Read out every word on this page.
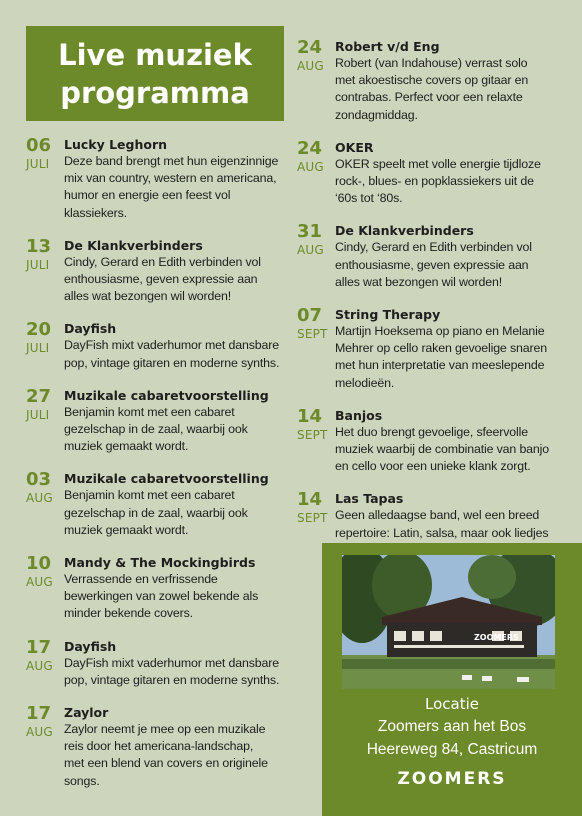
Live muziek
programma
06
JULI
Lucky Leghorn
Deze band brengt met hun eigenzinnige
mix van country, western en americana,
humor en energie een feest vol
klassiekers.
13
JULI
De Klankverbinders
Cindy, Gerard en Edith verbinden vol
enthousiasme, geven expressie aan
alles wat bezongen wil worden!
20
JULI
Dayfish
DayFish mixt vaderhumor met dansbare
pop, vintage gitaren en moderne synths.
27
JULI
Muzikale cabaretvoorstelling
Benjamin komt met een cabaret
gezelschap in de zaal, waarbij ook
muziek gemaakt wordt.
03
AUG
Muzikale cabaretvoorstelling
Benjamin komt met een cabaret
gezelschap in de zaal, waarbij ook
muziek gemaakt wordt.
10
AUG
Mandy & The Mockingbirds
Verrassende en verfrissende
bewerkingen van zowel bekende als
minder bekende covers.
17
AUG
Dayfish
DayFish mixt vaderhumor met dansbare
pop, vintage gitaren en moderne synths.
17
AUG
Zaylor
Zaylor neemt je mee op een muzikale
reis door het americana-landschap,
met een blend van covers en originele
songs.
24
AUG
Robert v/d Eng
Robert (van Indahouse) verrast solo
met akoestische covers op gitaar en
contrabas. Perfect voor een relaxte
zondagmiddag.
24
AUG
OKER
OKER speelt met volle energie tijdloze
rock-, blues- en popklassiekers uit de
‘60s tot ‘80s.
31
AUG
De Klankverbinders
Cindy, Gerard en Edith verbinden vol
enthousiasme, geven expressie aan
alles wat bezongen wil worden!
07
SEPT
String Therapy
Martijn Hoeksema op piano en Melanie
Mehrer op cello raken gevoelige snaren
met hun interpretatie van meeslepende
melodieën.
14
SEPT
Banjos
Het duo brengt gevoelige, sfeervolle
muziek waarbij de combinatie van banjo
en cello voor een unieke klank zorgt.
14
SEPT
Las Tapas
Geen alledaagse band, wel een breed
repertoire: Latin, salsa, maar ook liedjes
ZOOMERS
Locatie
Zoomers aan het Bos
Heereweg 84, Castricum
ZOOMERS
